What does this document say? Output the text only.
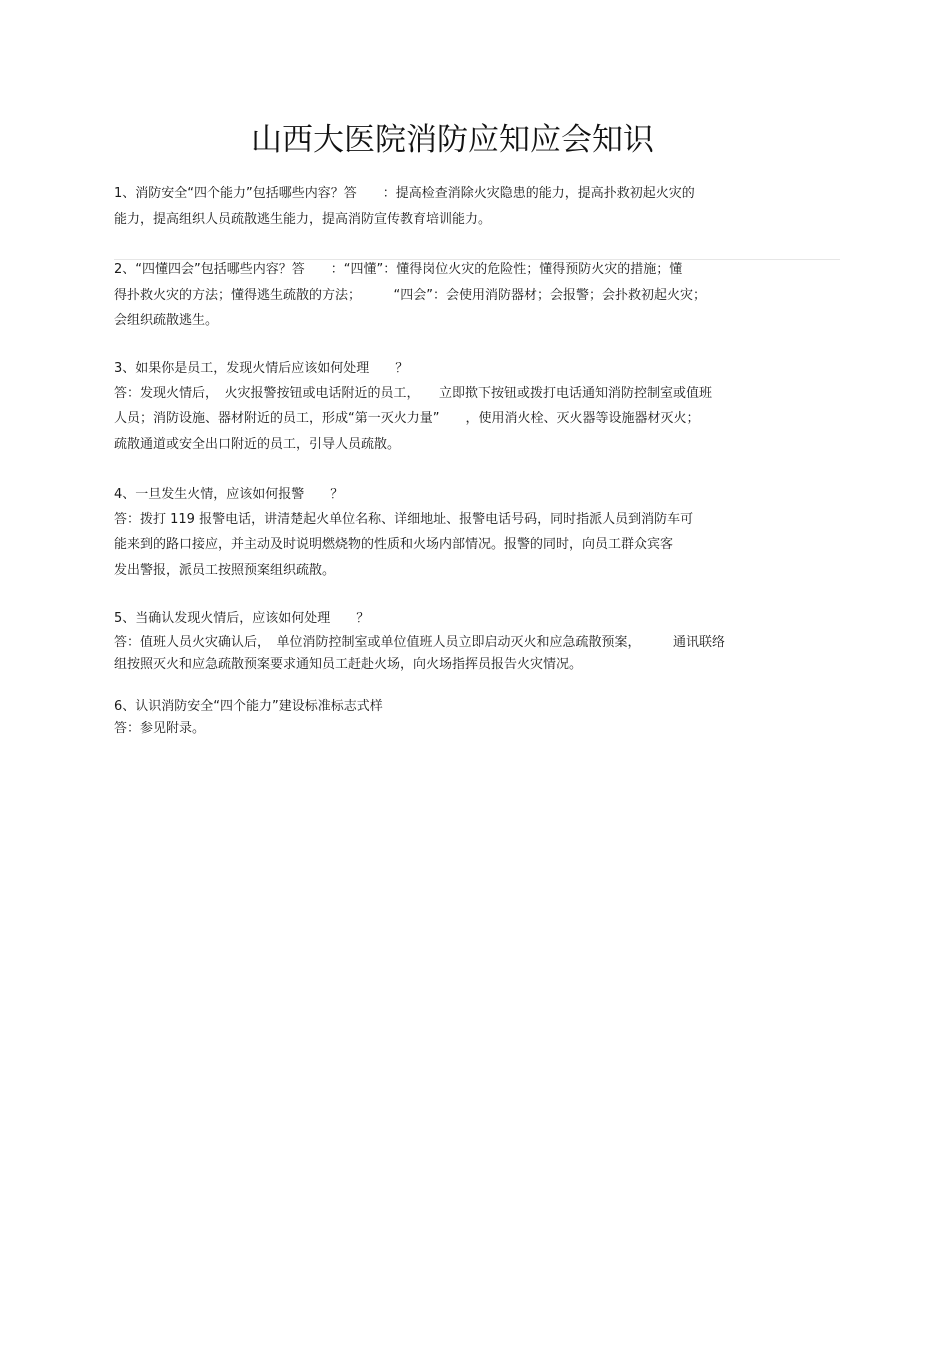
山西大医院消防应知应会知识
1、消防安全“四个能力”包括哪些内容？答　　：提高检查消除火灾隐患的能力，提高扑救初起火灾的
能力，提高组织人员疏散逃生能力，提高消防宣传教育培训能力。
2、“四懂四会”包括哪些内容？答　　：“四懂”：懂得岗位火灾的危险性；懂得预防火灾的措施；懂
得扑救火灾的方法；懂得逃生疏散的方法；　　　“四会”：会使用消防器材；会报警；会扑救初起火灾；
会组织疏散逃生。
3、如果你是员工，发现火情后应该如何处理　　？
答：发现火情后，　火灾报警按钮或电话附近的员工，　　立即揿下按钮或拨打电话通知消防控制室或值班
人员；消防设施、器材附近的员工，形成“第一灭火力量”　　，使用消火栓、灭火器等设施器材灭火；
疏散通道或安全出口附近的员工，引导人员疏散。
4、一旦发生火情，应该如何报警　　？
答：拨打 119 报警电话，讲清楚起火单位名称、详细地址、报警电话号码，同时指派人员到消防车可
能来到的路口接应，并主动及时说明燃烧物的性质和火场内部情况。报警的同时，向员工群众宾客
发出警报，派员工按照预案组织疏散。
5、当确认发现火情后，应该如何处理　　？
答：值班人员火灾确认后，　单位消防控制室或单位值班人员立即启动灭火和应急疏散预案，　　　通讯联络
组按照灭火和应急疏散预案要求通知员工赶赴火场，向火场指挥员报告火灾情况。
6、认识消防安全“四个能力”建设标准标志式样
答：参见附录。
